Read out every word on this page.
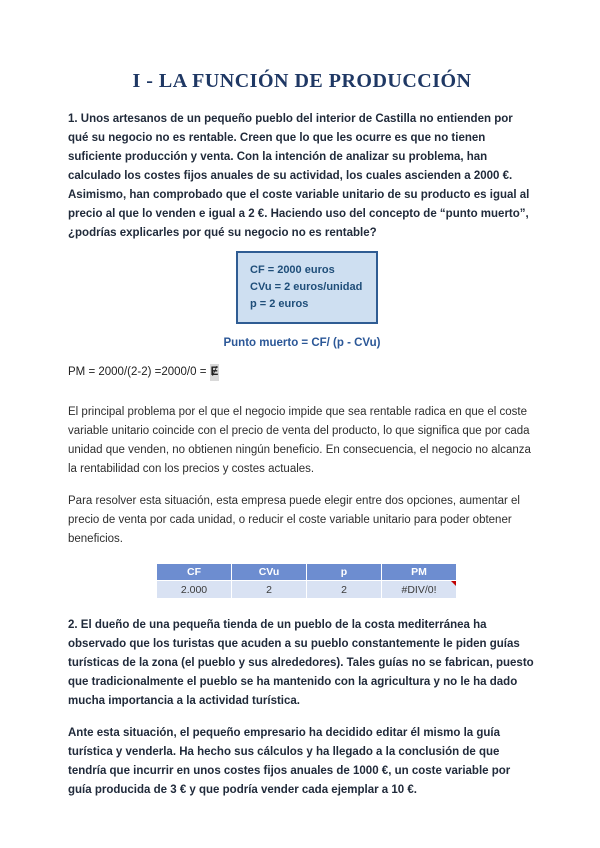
I - LA FUNCIÓN DE PRODUCCIÓN

1. Unos artesanos de un pequeño pueblo del interior de Castilla no entienden por qué su negocio no es rentable. Creen que lo que les ocurre es que no tienen suficiente producción y venta. Con la intención de analizar su problema, han calculado los costes fijos anuales de su actividad, los cuales ascienden a 2000 €. Asimismo, han comprobado que el coste variable unitario de su producto es igual al precio al que lo venden e igual a 2 €. Haciendo uso del concepto de “punto muerto”, ¿podrías explicarles por qué su negocio no es rentable?

CF = 2000 euros
CVu = 2 euros/unidad
p = 2 euros

Punto muerto = CF/ (p - CVu)

PM = 2000/(2-2) =2000/0 = Ɇ

El principal problema por el que el negocio impide que sea rentable radica en que el coste variable unitario coincide con el precio de venta del producto, lo que significa que por cada unidad que venden, no obtienen ningún beneficio. En consecuencia, el negocio no alcanza la rentabilidad con los precios y costes actuales.

Para resolver esta situación, esta empresa puede elegir entre dos opciones, aumentar el precio de venta por cada unidad, o reducir el coste variable unitario para poder obtener beneficios.

CF	CVu	p	PM
2.000	2	2	#DIV/0!

2. El dueño de una pequeña tienda de un pueblo de la costa mediterránea ha observado que los turistas que acuden a su pueblo constantemente le piden guías turísticas de la zona (el pueblo y sus alrededores). Tales guías no se fabrican, puesto que tradicionalmente el pueblo se ha mantenido con la agricultura y no le ha dado mucha importancia a la actividad turística.

Ante esta situación, el pequeño empresario ha decidido editar él mismo la guía turística y venderla. Ha hecho sus cálculos y ha llegado a la conclusión de que tendría que incurrir en unos costes fijos anuales de 1000 €, un coste variable por guía producida de 3 € y que podría vender cada ejemplar a 10 €.
